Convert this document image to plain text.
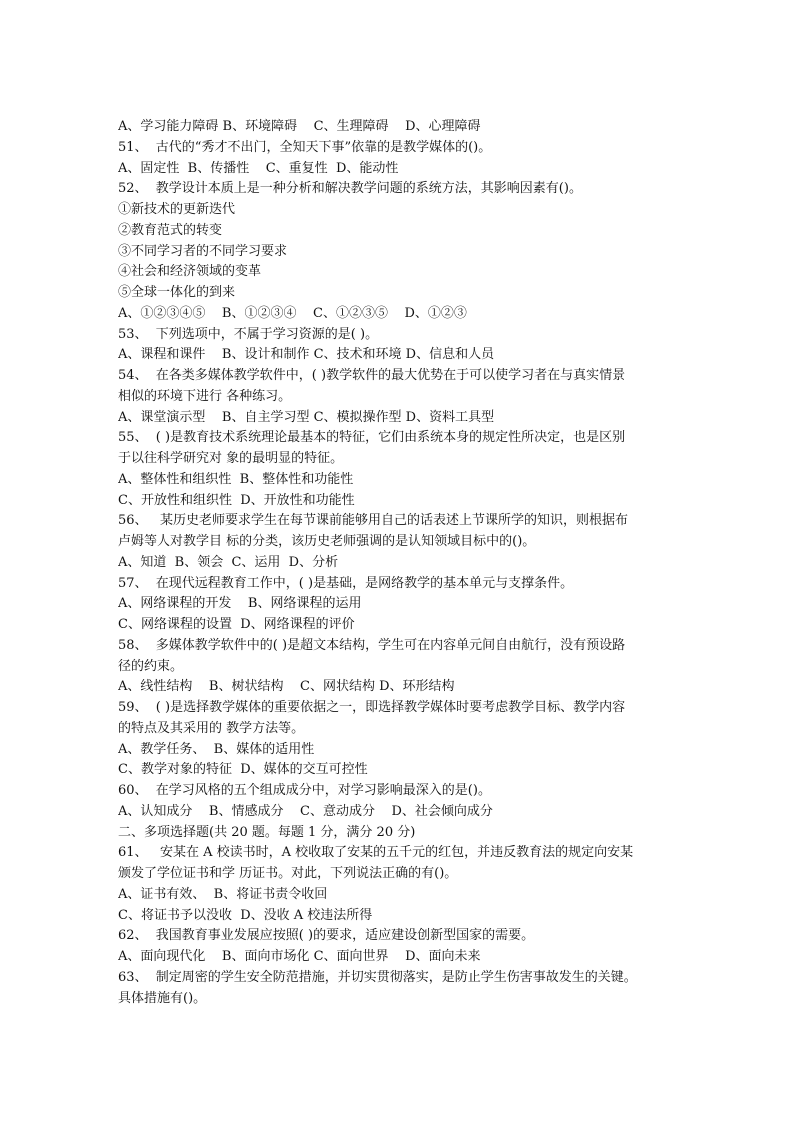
A、学习能力障碍 B、环境障碍    C、生理障碍    D、心理障碍
51、  古代的“秀才不出门，全知天下事”依靠的是教学媒体的()。
A、固定性  B、传播性    C、重复性  D、能动性
52、  教学设计本质上是一种分析和解决教学问题的系统方法，其影响因素有()。
①新技术的更新迭代
②教育范式的转变
③不同学习者的不同学习要求
④社会和经济领域的变革
⑤全球一体化的到来
A、①②③④⑤    B、①②③④    C、①②③⑤    D、①②③
53、  下列选项中，不属于学习资源的是( )。
A、课程和课件    B、设计和制作 C、技术和环境 D、信息和人员
54、  在各类多媒体教学软件中，( )教学软件的最大优势在于可以使学习者在与真实情景
相似的环境下进行 各种练习。
A、课堂演示型    B、自主学习型 C、模拟操作型 D、资料工具型
55、  ( )是教育技术系统理论最基本的特征，它们由系统本身的规定性所决定，也是区别
于以往科学研究对 象的最明显的特征。
A、整体性和组织性  B、整体性和功能性
C、开放性和组织性  D、开放性和功能性
56、   某历史老师要求学生在每节课前能够用自己的话表述上节课所学的知识，则根据布
卢姆等人对教学目 标的分类，该历史老师强调的是认知领域目标中的()。
A、知道  B、领会  C、运用  D、分析
57、  在现代远程教育工作中，( )是基础，是网络教学的基本单元与支撑条件。
A、网络课程的开发    B、网络课程的运用
C、网络课程的设置  D、网络课程的评价
58、  多媒体教学软件中的( )是超文本结构，学生可在内容单元间自由航行，没有预设路
径的约束。
A、线性结构    B、树状结构    C、网状结构 D、环形结构
59、  ( )是选择教学媒体的重要依据之一，即选择教学媒体时要考虑教学目标、教学内容
的特点及其采用的 教学方法等。
A、教学任务、  B、媒体的适用性
C、教学对象的特征  D、媒体的交互可控性
60、  在学习风格的五个组成成分中，对学习影响最深入的是()。
A、认知成分    B、情感成分    C、意动成分    D、社会倾向成分
二、多项选择题(共 20 题。每题 1 分，满分 20 分)
61、   安某在 A 校读书时，A 校收取了安某的五千元的红包，并违反教育法的规定向安某
颁发了学位证书和学 历证书。对此，下列说法正确的有()。
A、证书有效、  B、将证书责令收回
C、将证书予以没收  D、没收 A 校违法所得
62、  我国教育事业发展应按照( )的要求，适应建设创新型国家的需要。
A、面向现代化    B、面向市场化 C、面向世界    D、面向未来
63、  制定周密的学生安全防范措施，并切实贯彻落实，是防止学生伤害事故发生的关键。
具体措施有()。
